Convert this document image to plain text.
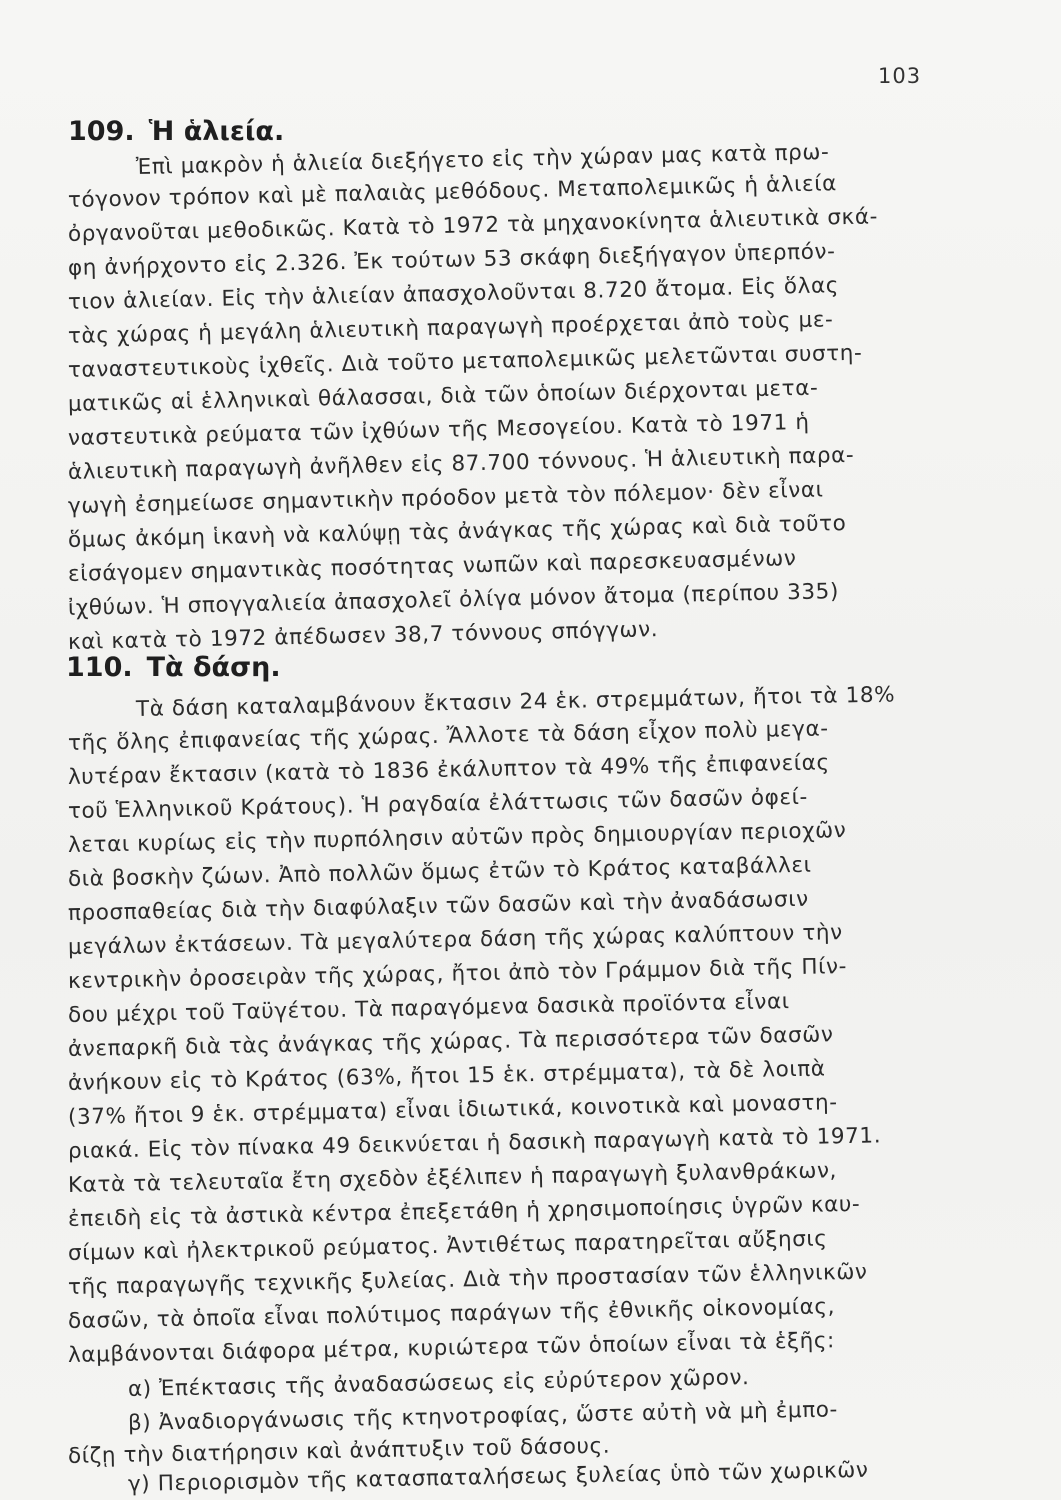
103
109. Ἡ ἁλιεία.
Ἐπὶ μακρὸν ἡ ἁλιεία διεξήγετο εἰς τὴν χώραν μας κατὰ πρω-
τόγονον τρόπον καὶ μὲ παλαιὰς μεθόδους. Μεταπολεμικῶς ἡ ἁλιεία
ὀργανοῦται μεθοδικῶς. Κατὰ τὸ 1972 τὰ μηχανοκίνητα ἁλιευτικὰ σκά-
φη ἀνήρχοντο εἰς 2.326. Ἐκ τούτων 53 σκάφη διεξήγαγον ὑπερπόν-
τιον ἁλιείαν. Εἰς τὴν ἁλιείαν ἀπασχολοῦνται 8.720 ἄτομα. Εἰς ὅλας
τὰς χώρας ἡ μεγάλη ἁλιευτικὴ παραγωγὴ προέρχεται ἀπὸ τοὺς με-
ταναστευτικοὺς ἰχθεῖς. Διὰ τοῦτο μεταπολεμικῶς μελετῶνται συστη-
ματικῶς αἱ ἑλληνικαὶ θάλασσαι, διὰ τῶν ὁποίων διέρχονται μετα-
ναστευτικὰ ρεύματα τῶν ἰχθύων τῆς Μεσογείου. Κατὰ τὸ 1971 ἡ
ἁλιευτικὴ παραγωγὴ ἀνῆλθεν εἰς 87.700 τόννους. Ἡ ἁλιευτικὴ παρα-
γωγὴ ἐσημείωσε σημαντικὴν πρόοδον μετὰ τὸν πόλεμον· δὲν εἶναι
ὅμως ἀκόμη ἱκανὴ νὰ καλύψῃ τὰς ἀνάγκας τῆς χώρας καὶ διὰ τοῦτο
εἰσάγομεν σημαντικὰς ποσότητας νωπῶν καὶ παρεσκευασμένων
ἰχθύων. Ἡ σπογγαλιεία ἀπασχολεῖ ὀλίγα μόνον ἄτομα (περίπου 335)
καὶ κατὰ τὸ 1972 ἀπέδωσεν 38,7 τόννους σπόγγων.
110. Τὰ δάση.
Τὰ δάση καταλαμβάνουν ἔκτασιν 24 ἑκ. στρεμμάτων, ἤτοι τὰ 18%
τῆς ὅλης ἐπιφανείας τῆς χώρας. Ἄλλοτε τὰ δάση εἶχον πολὺ μεγα-
λυτέραν ἔκτασιν (κατὰ τὸ 1836 ἐκάλυπτον τὰ 49% τῆς ἐπιφανείας
τοῦ Ἑλληνικοῦ Κράτους). Ἡ ραγδαία ἐλάττωσις τῶν δασῶν ὀφεί-
λεται κυρίως εἰς τὴν πυρπόλησιν αὐτῶν πρὸς δημιουργίαν περιοχῶν
διὰ βοσκὴν ζώων. Ἀπὸ πολλῶν ὅμως ἐτῶν τὸ Κράτος καταβάλλει
προσπαθείας διὰ τὴν διαφύλαξιν τῶν δασῶν καὶ τὴν ἀναδάσωσιν
μεγάλων ἐκτάσεων. Τὰ μεγαλύτερα δάση τῆς χώρας καλύπτουν τὴν
κεντρικὴν ὀροσειρὰν τῆς χώρας, ἤτοι ἀπὸ τὸν Γράμμον διὰ τῆς Πίν-
δου μέχρι τοῦ Ταϋγέτου. Τὰ παραγόμενα δασικὰ προϊόντα εἶναι
ἀνεπαρκῆ διὰ τὰς ἀνάγκας τῆς χώρας. Τὰ περισσότερα τῶν δασῶν
ἀνήκουν εἰς τὸ Κράτος (63%, ἤτοι 15 ἑκ. στρέμματα), τὰ δὲ λοιπὰ
(37% ἤτοι 9 ἑκ. στρέμματα) εἶναι ἰδιωτικά, κοινοτικὰ καὶ μοναστη-
ριακά. Εἰς τὸν πίνακα 49 δεικνύεται ἡ δασικὴ παραγωγὴ κατὰ τὸ 1971.
Κατὰ τὰ τελευταῖα ἔτη σχεδὸν ἐξέλιπεν ἡ παραγωγὴ ξυλανθράκων,
ἐπειδὴ εἰς τὰ ἀστικὰ κέντρα ἐπεξετάθη ἡ χρησιμοποίησις ὑγρῶν καυ-
σίμων καὶ ἠλεκτρικοῦ ρεύματος. Ἀντιθέτως παρατηρεῖται αὔξησις
τῆς παραγωγῆς τεχνικῆς ξυλείας. Διὰ τὴν προστασίαν τῶν ἑλληνικῶν
δασῶν, τὰ ὁποῖα εἶναι πολύτιμος παράγων τῆς ἐθνικῆς οἰκονομίας,
λαμβάνονται διάφορα μέτρα, κυριώτερα τῶν ὁποίων εἶναι τὰ ἑξῆς:
α) Ἐπέκτασις τῆς ἀναδασώσεως εἰς εὐρύτερον χῶρον.
β) Ἀναδιοργάνωσις τῆς κτηνοτροφίας, ὥστε αὐτὴ νὰ μὴ ἐμπο-
δίζῃ τὴν διατήρησιν καὶ ἀνάπτυξιν τοῦ δάσους.
γ) Περιορισμὸν τῆς κατασπαταλήσεως ξυλείας ὑπὸ τῶν χωρικῶν
